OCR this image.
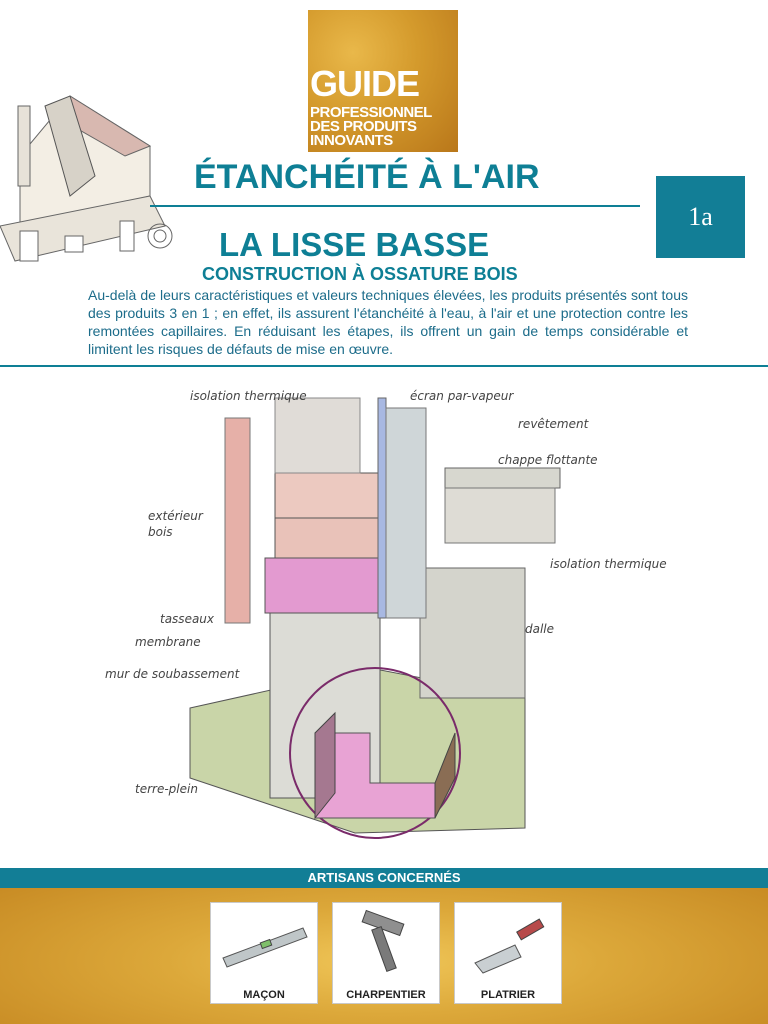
GUIDE
PROFESSIONNEL
DES PRODUITS
INNOVANTS
ÉTANCHÉITÉ À L'AIR
1a
LA LISSE BASSE
CONSTRUCTION À OSSATURE BOIS
Au-delà de leurs caractéristiques et valeurs techniques élevées, les produits présentés sont tous des produits 3 en 1 ; en effet, ils assurent l'étanchéité à l'eau, à l'air et une protection contre les remontées capillaires. En réduisant les étapes, ils offrent un gain de temps considérable et limitent les risques de défauts de mise en œuvre.
isolation thermique	écran par-vapeur
revêtement
chappe flottante
extérieur
bois
isolation thermique
tasseaux
membrane
dalle
mur de soubassement
terre-plein
ARTISANS CONCERNÉS
MAÇON	CHARPENTIER	PLATRIER
